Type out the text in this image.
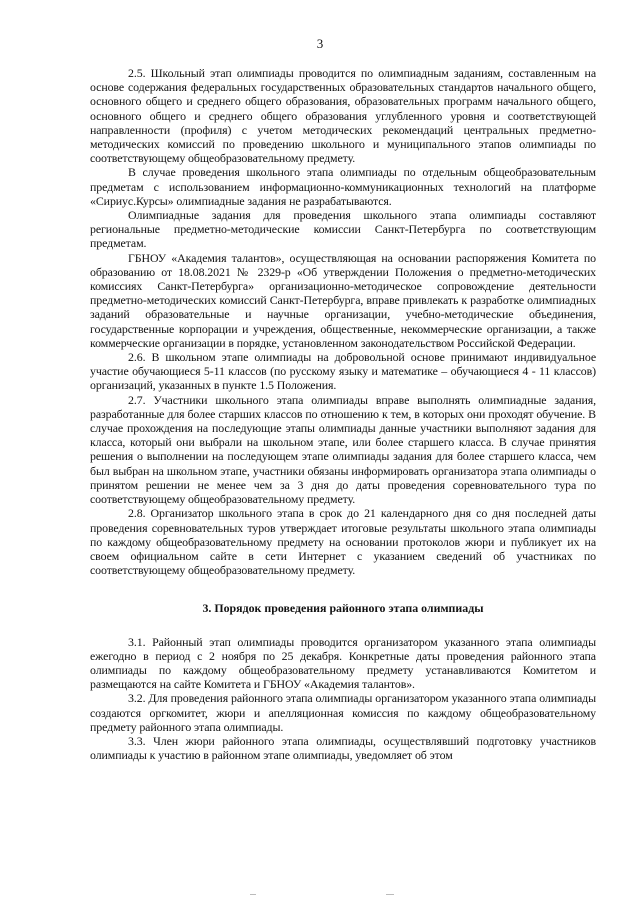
3

2.5. Школьный этап олимпиады проводится по олимпиадным заданиям, составленным на основе содержания федеральных государственных образовательных стандартов начального общего, основного общего и среднего общего образования, образовательных программ начального общего, основного общего и среднего общего образования углубленного уровня и соответствующей направленности (профиля) с учетом методических рекомендаций центральных предметно-методических комиссий по проведению школьного и муниципального этапов олимпиады по соответствующему общеобразовательному предмету.

В случае проведения школьного этапа олимпиады по отдельным общеобразовательным предметам с использованием информационно-коммуникационных технологий на платформе «Сириус.Курсы» олимпиадные задания не разрабатываются.

Олимпиадные задания для проведения школьного этапа олимпиады составляют региональные предметно-методические комиссии Санкт-Петербурга по соответствующим предметам.

ГБНОУ «Академия талантов», осуществляющая на основании распоряжения Комитета по образованию от 18.08.2021 № 2329-р «Об утверждении Положения о предметно-методических комиссиях Санкт-Петербурга» организационно-методическое сопровождение деятельности предметно-методических комиссий Санкт-Петербурга, вправе привлекать к разработке олимпиадных заданий образовательные и научные организации, учебно-методические объединения, государственные корпорации и учреждения, общественные, некоммерческие организации, а также коммерческие организации в порядке, установленном законодательством Российской Федерации.

2.6. В школьном этапе олимпиады на добровольной основе принимают индивидуальное участие обучающиеся 5-11 классов (по русскому языку и математике – обучающиеся 4 - 11 классов) организаций, указанных в пункте 1.5 Положения.

2.7. Участники школьного этапа олимпиады вправе выполнять олимпиадные задания, разработанные для более старших классов по отношению к тем, в которых они проходят обучение. В случае прохождения на последующие этапы олимпиады данные участники выполняют задания для класса, который они выбрали на школьном этапе, или более старшего класса. В случае принятия решения о выполнении на последующем этапе олимпиады задания для более старшего класса, чем был выбран на школьном этапе, участники обязаны информировать организатора этапа олимпиады о принятом решении не менее чем за 3 дня до даты проведения соревновательного тура по соответствующему общеобразовательному предмету.

2.8. Организатор школьного этапа в срок до 21 календарного дня со дня последней даты проведения соревновательных туров утверждает итоговые результаты школьного этапа олимпиады по каждому общеобразовательному предмету на основании протоколов жюри и публикует их на своем официальном сайте в сети Интернет с указанием сведений об участниках по соответствующему общеобразовательному предмету.

3. Порядок проведения районного этапа олимпиады

3.1. Районный этап олимпиады проводится организатором указанного этапа олимпиады ежегодно в период с 2 ноября по 25 декабря. Конкретные даты проведения районного этапа олимпиады по каждому общеобразовательному предмету устанавливаются Комитетом и размещаются на сайте Комитета и ГБНОУ «Академия талантов».

3.2. Для проведения районного этапа олимпиады организатором указанного этапа олимпиады создаются оргкомитет, жюри и апелляционная комиссия по каждому общеобразовательному предмету районного этапа олимпиады.

3.3. Член жюри районного этапа олимпиады, осуществлявший подготовку участников олимпиады к участию в районном этапе олимпиады, уведомляет об этом
